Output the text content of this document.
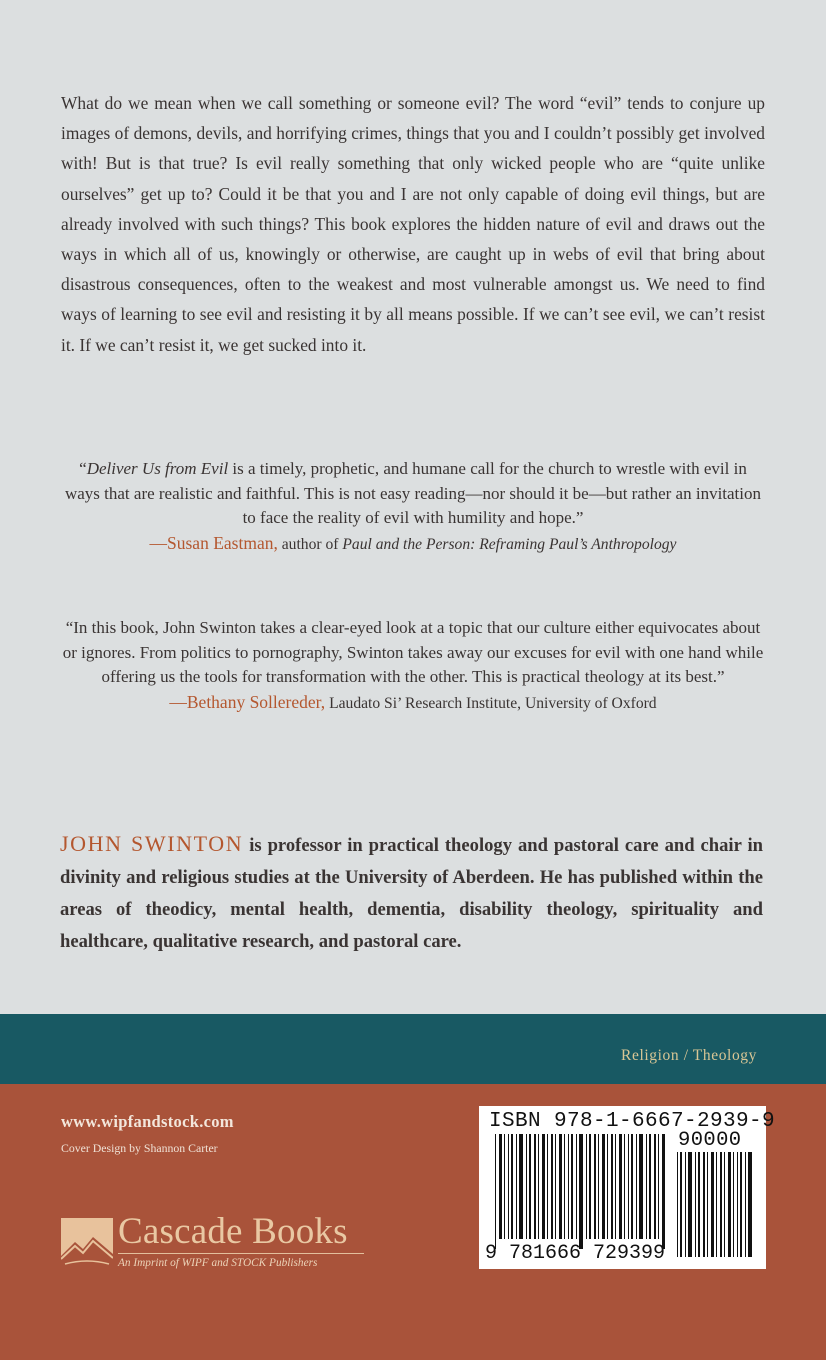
What do we mean when we call something or someone evil? The word “evil” tends to conjure up images of demons, devils, and horrifying crimes, things that you and I couldn’t possibly get involved with! But is that true? Is evil really something that only wicked people who are “quite unlike ourselves” get up to? Could it be that you and I are not only capable of doing evil things, but are already involved with such things? This book explores the hidden nature of evil and draws out the ways in which all of us, knowingly or otherwise, are caught up in webs of evil that bring about disastrous consequences, often to the weakest and most vulnerable amongst us. We need to find ways of learning to see evil and resisting it by all means possible. If we can’t see evil, we can’t resist it. If we can’t resist it, we get sucked into it.

“Deliver Us from Evil is a timely, prophetic, and humane call for the church to wrestle with evil in ways that are realistic and faithful. This is not easy reading—nor should it be—but rather an invitation to face the reality of evil with humility and hope.”
—Susan Eastman, author of Paul and the Person: Reframing Paul’s Anthropology

“In this book, John Swinton takes a clear-eyed look at a topic that our culture either equivocates about or ignores. From politics to pornography, Swinton takes away our excuses for evil with one hand while offering us the tools for transformation with the other. This is practical theology at its best.”
—Bethany Sollereder, Laudato Si’ Research Institute, University of Oxford

JOHN SWINTON is professor in practical theology and pastoral care and chair in divinity and religious studies at the University of Aberdeen. He has published within the areas of theodicy, mental health, dementia, disability theology, spirituality and healthcare, qualitative research, and pastoral care.

Religion / Theology
www.wipfandstock.com
Cover Design by Shannon Carter
Cascade Books
An Imprint of WIPF and STOCK Publishers
ISBN 978-1-6667-2939-9
90000
9 781666 729399
